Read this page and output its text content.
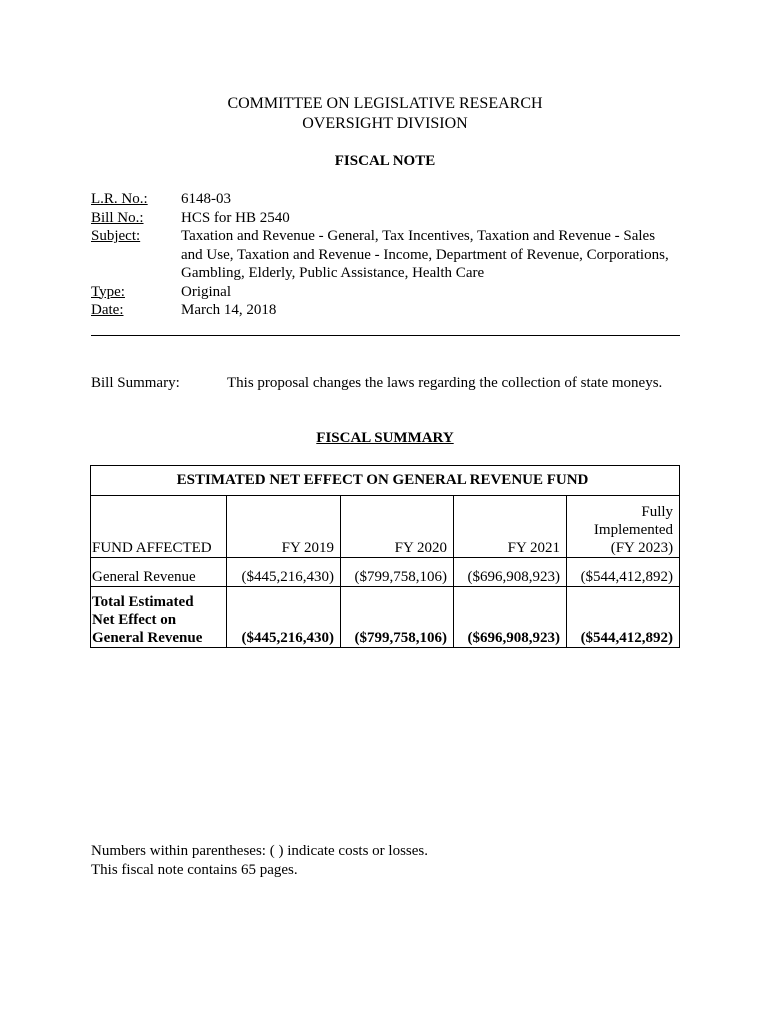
COMMITTEE ON LEGISLATIVE RESEARCH
OVERSIGHT DIVISION
FISCAL NOTE
L.R. No.:	6148-03
Bill No.:	HCS for HB 2540
Subject:	Taxation and Revenue - General, Tax Incentives, Taxation and Revenue - Sales
and Use, Taxation and Revenue - Income, Department of Revenue, Corporations,
Gambling, Elderly, Public Assistance, Health Care
Type:	Original
Date:	March 14, 2018
Bill Summary:	This proposal changes the laws regarding the collection of state moneys.
FISCAL SUMMARY
ESTIMATED NET EFFECT ON GENERAL REVENUE FUND				
FUND AFFECTED	FY 2019	FY 2020	FY 2021	Fully
Implemented
(FY 2023)

General Revenue	($445,216,430)	($799,758,106)	($696,908,923)	($544,412,892)

Total Estimated
Net Effect on
General Revenue	($445,216,430)	($799,758,106)	($696,908,923)	($544,412,892)
Numbers within parentheses: ( ) indicate costs or losses.
This fiscal note contains 65 pages.
